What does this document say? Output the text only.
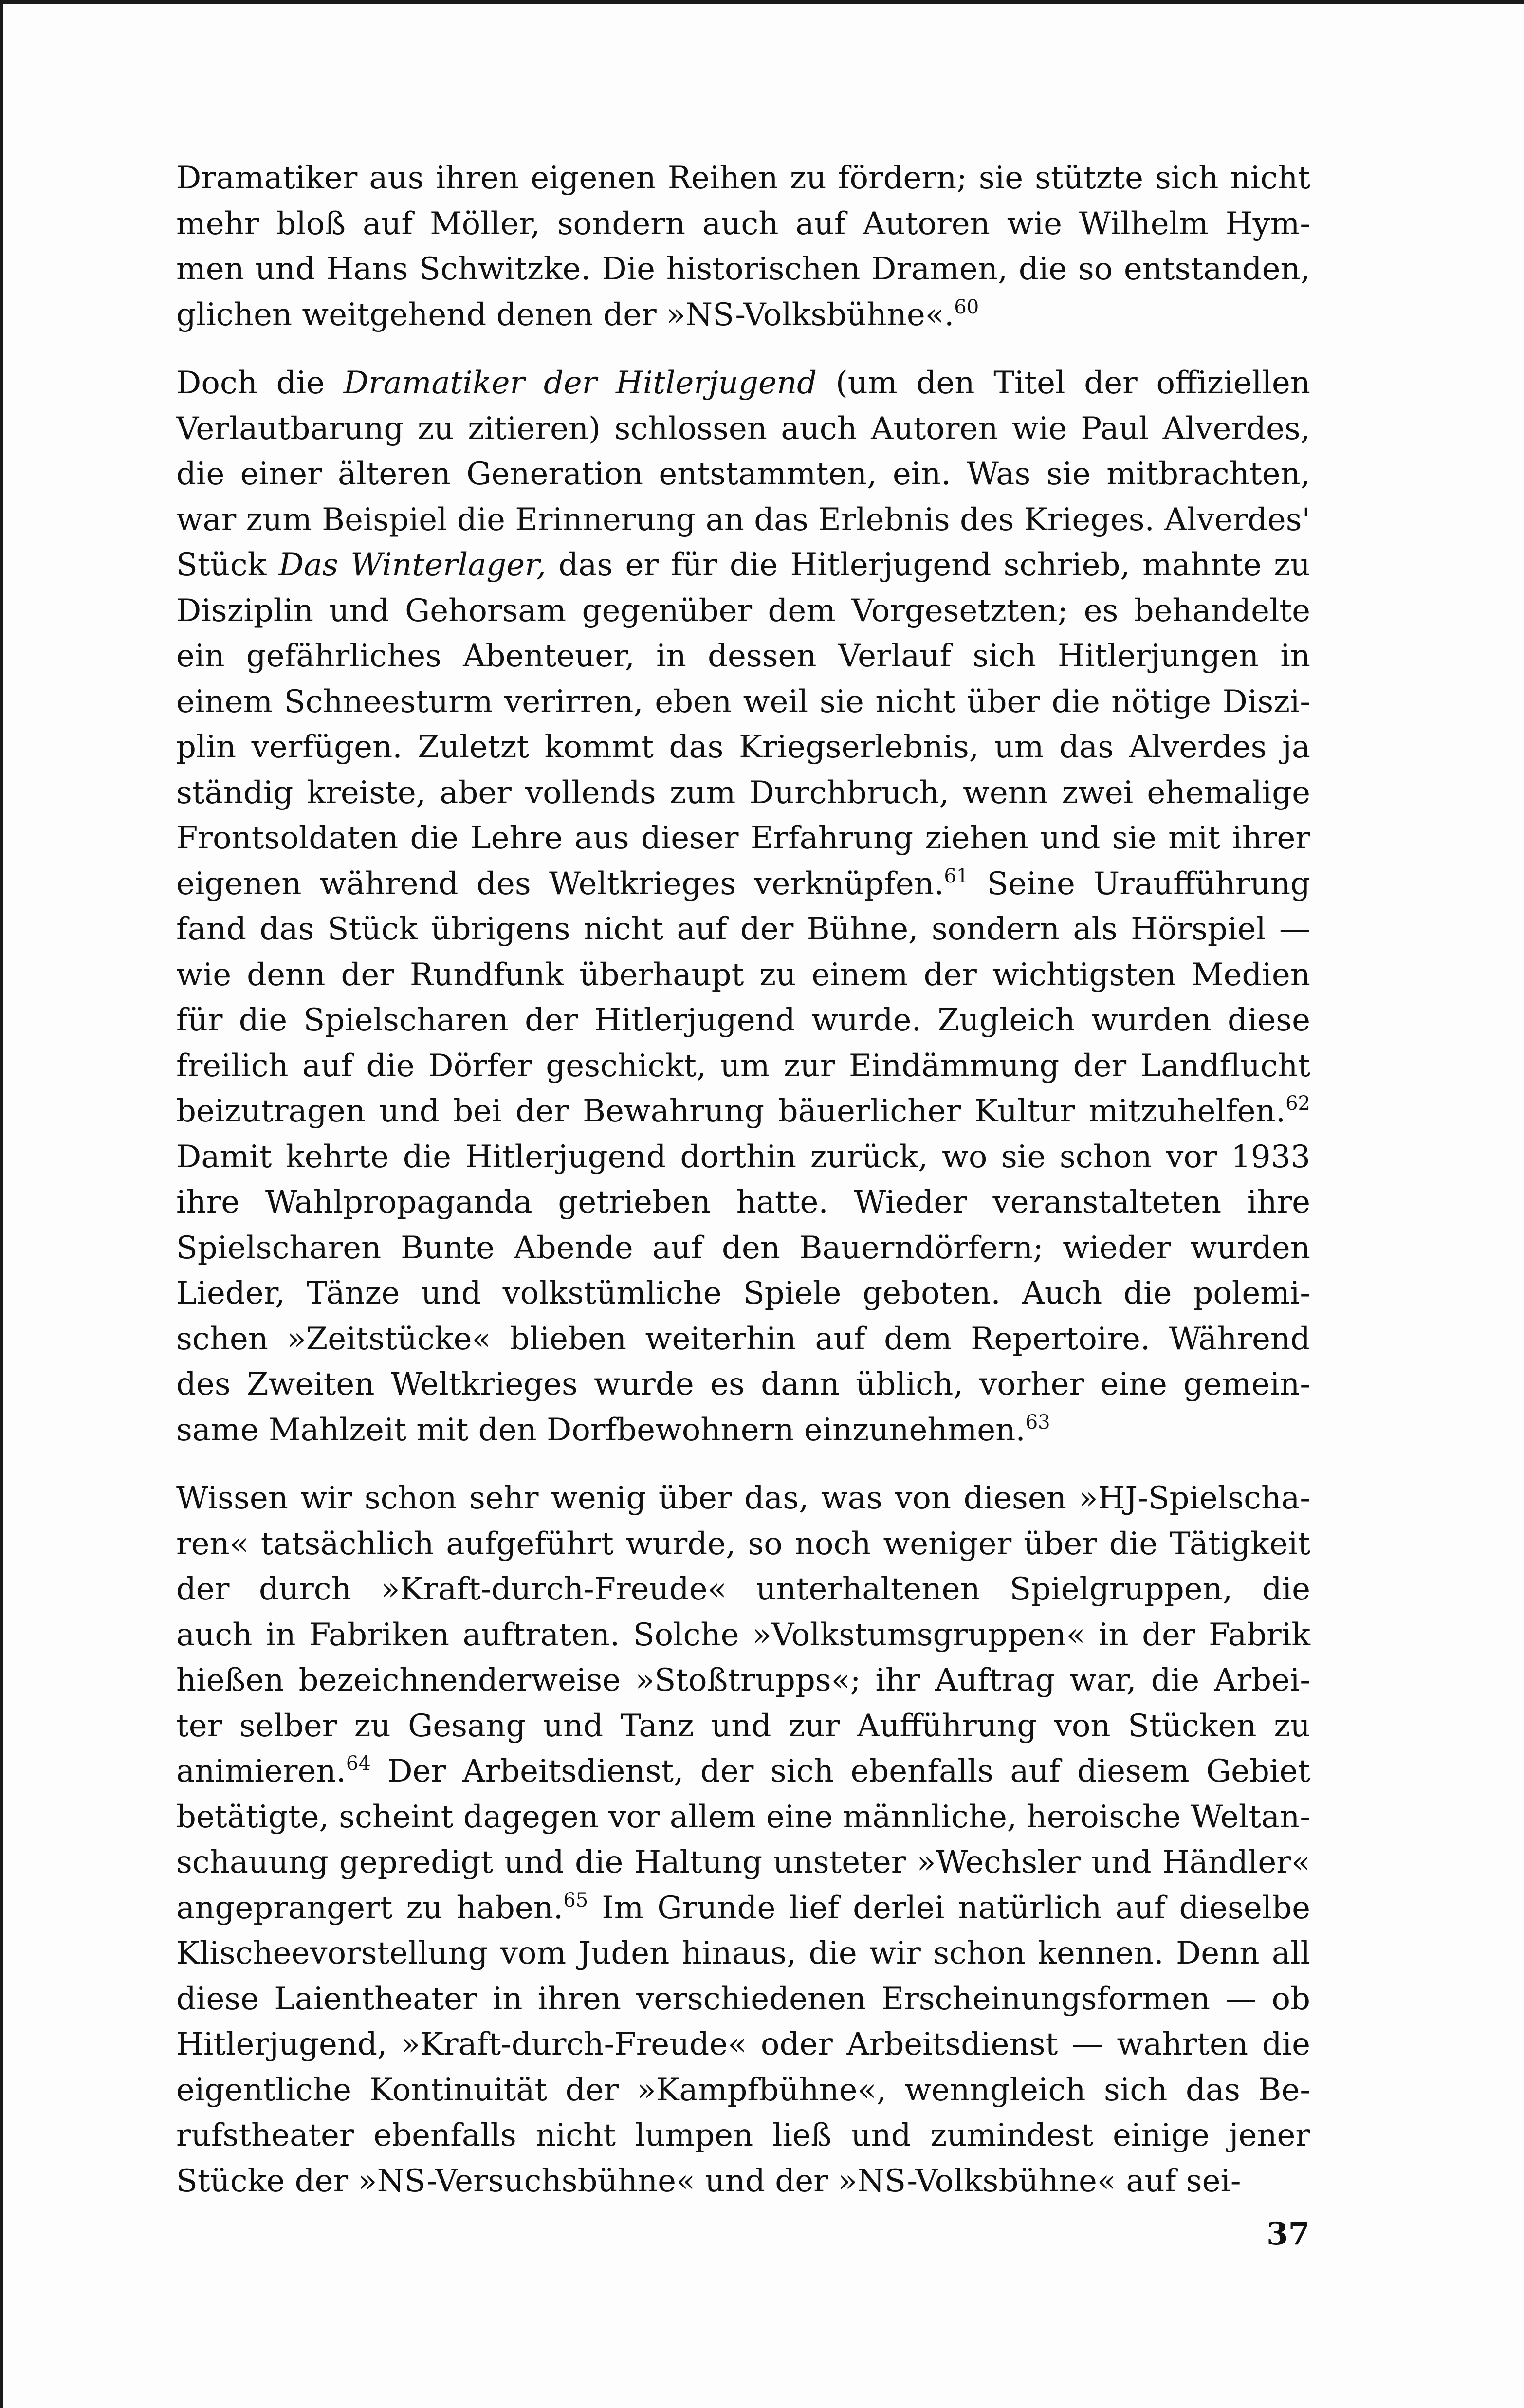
Dramatiker aus ihren eigenen Reihen zu fördern; sie stützte sich nicht
mehr bloß auf Möller, sondern auch auf Autoren wie Wilhelm Hym-
men und Hans Schwitzke. Die historischen Dramen, die so entstanden,
glichen weitgehend denen der »NS-Volksbühne«.$^{60}$
Doch die Dramatiker der Hitlerjugend (um den Titel der offiziellen
Verlautbarung zu zitieren) schlossen auch Autoren wie Paul Alverdes,
die einer älteren Generation entstammten, ein. Was sie mitbrachten,
war zum Beispiel die Erinnerung an das Erlebnis des Krieges. Alverdes'
Stück Das Winterlager, das er für die Hitlerjugend schrieb, mahnte zu
Disziplin und Gehorsam gegenüber dem Vorgesetzten; es behandelte
ein gefährliches Abenteuer, in dessen Verlauf sich Hitlerjungen in
einem Schneesturm verirren, eben weil sie nicht über die nötige Diszi-
plin verfügen. Zuletzt kommt das Kriegserlebnis, um das Alverdes ja
ständig kreiste, aber vollends zum Durchbruch, wenn zwei ehemalige
Frontsoldaten die Lehre aus dieser Erfahrung ziehen und sie mit ihrer
eigenen während des Weltkrieges verknüpfen.$^{61}$ Seine Uraufführung
fand das Stück übrigens nicht auf der Bühne, sondern als Hörspiel —
wie denn der Rundfunk überhaupt zu einem der wichtigsten Medien
für die Spielscharen der Hitlerjugend wurde. Zugleich wurden diese
freilich auf die Dörfer geschickt, um zur Eindämmung der Landflucht
beizutragen und bei der Bewahrung bäuerlicher Kultur mitzuhelfen.$^{62}$
Damit kehrte die Hitlerjugend dorthin zurück, wo sie schon vor 1933
ihre Wahlpropaganda getrieben hatte. Wieder veranstalteten ihre
Spielscharen Bunte Abende auf den Bauerndörfern; wieder wurden
Lieder, Tänze und volkstümliche Spiele geboten. Auch die polemi-
schen »Zeitstücke« blieben weiterhin auf dem Repertoire. Während
des Zweiten Weltkrieges wurde es dann üblich, vorher eine gemein-
same Mahlzeit mit den Dorfbewohnern einzunehmen.$^{63}$
Wissen wir schon sehr wenig über das, was von diesen »HJ-Spielscha-
ren« tatsächlich aufgeführt wurde, so noch weniger über die Tätigkeit
der durch »Kraft-durch-Freude« unterhaltenen Spielgruppen, die
auch in Fabriken auftraten. Solche »Volkstumsgruppen« in der Fabrik
hießen bezeichnenderweise »Stoßtrupps«; ihr Auftrag war, die Arbei-
ter selber zu Gesang und Tanz und zur Aufführung von Stücken zu
animieren.$^{64}$ Der Arbeitsdienst, der sich ebenfalls auf diesem Gebiet
betätigte, scheint dagegen vor allem eine männliche, heroische Weltan-
schauung gepredigt und die Haltung unsteter »Wechsler und Händler«
angeprangert zu haben.$^{65}$ Im Grunde lief derlei natürlich auf dieselbe
Klischeevorstellung vom Juden hinaus, die wir schon kennen. Denn all
diese Laientheater in ihren verschiedenen Erscheinungsformen — ob
Hitlerjugend, »Kraft-durch-Freude« oder Arbeitsdienst — wahrten die
eigentliche Kontinuität der »Kampfbühne«, wenngleich sich das Be-
rufstheater ebenfalls nicht lumpen ließ und zumindest einige jener
Stücke der »NS-Versuchsbühne« und der »NS-Volksbühne« auf sei-
37
